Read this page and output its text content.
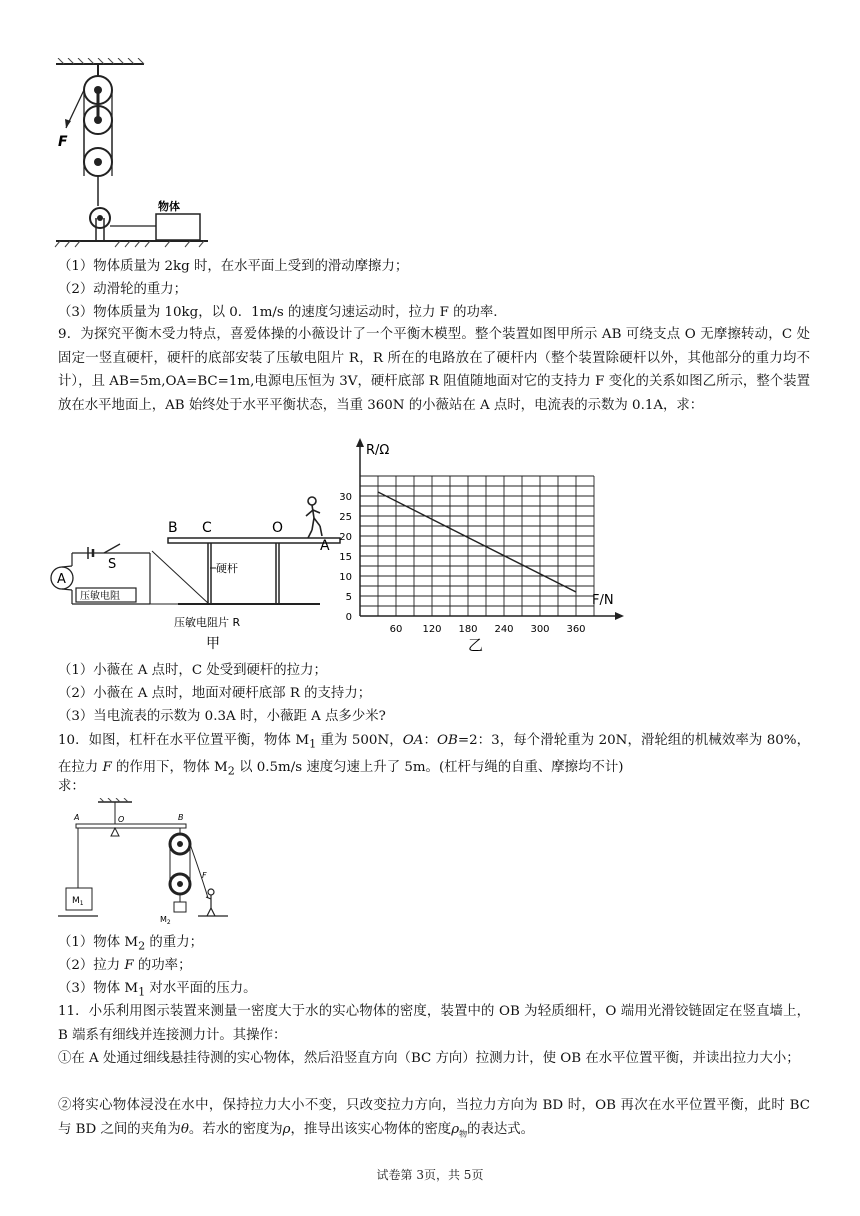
F
物体
（1）物体质量为 2kg 时，在水平面上受到的滑动摩擦力；
（2）动滑轮的重力；
（3）物体质量为 10kg，以 0．1m/s 的速度匀速运动时，拉力 F 的功率.
9．为探究平衡木受力特点，喜爱体操的小薇设计了一个平衡木模型。整个装置如图甲所示 AB 可绕支点 O 无摩擦转动，C 处固定一竖直硬杆，硬杆的底部安装了压敏电阻片 R，R 所在的电路放在了硬杆内（整个装置除硬杆以外，其他部分的重力均不计），且 AB=5m,OA=BC=1m,电源电压恒为 3V，硬杆底部 R 阻值随地面对它的支持力 F 变化的关系如图乙所示，整个装置放在水平地面上，AB 始终处于水平平衡状态，当重 360N 的小薇站在 A 点时，电流表的示数为 0.1A，求：
B C	O
A
硬杆
S
A
压敏电阻
压敏电阻片 R
甲
60 120 180 240 300 360
0
5
10
15
20
25
30
R/Ω
F/N
乙
（1）小薇在 A 点时，C 处受到硬杆的拉力；
（2）小薇在 A 点时，地面对硬杆底部 R 的支持力；
（3）当电流表的示数为 0.3A 时，小薇距 A 点多少米?
10．如图，杠杆在水平位置平衡，物体 $M_1$ 重为 500N，OA：OB=2：3，每个滑轮重为 20N，滑轮组的机械效率为 80%，在拉力 F 的作用下，物体 $M_2$ 以 0.5m/s 速度匀速上升了 5m。(杠杆与绳的自重、摩擦均不计)
求：
A	O	B
$M_1$
$M_2$
F
（1）物体 $M_2$ 的重力；
（2）拉力 F 的功率；
（3）物体 $M_1$ 对水平面的压力。
11．小乐利用图示装置来测量一密度大于水的实心物体的密度，装置中的 OB 为轻质细杆，O 端用光滑铰链固定在竖直墙上，B 端系有细线并连接测力计。其操作：
①在 A 处通过细线悬挂待测的实心物体，然后沿竖直方向（BC 方向）拉测力计，使 OB 在水平位置平衡，并读出拉力大小；
②将实心物体浸没在水中，保持拉力大小不变，只改变拉力方向，当拉力方向为 BD 时，OB 再次在水平位置平衡，此时 BC 与 BD 之间的夹角为θ。若水的密度为ρ，推导出该实心物体的密度$\rho_物$的表达式。
试卷第 3页，共 5页
